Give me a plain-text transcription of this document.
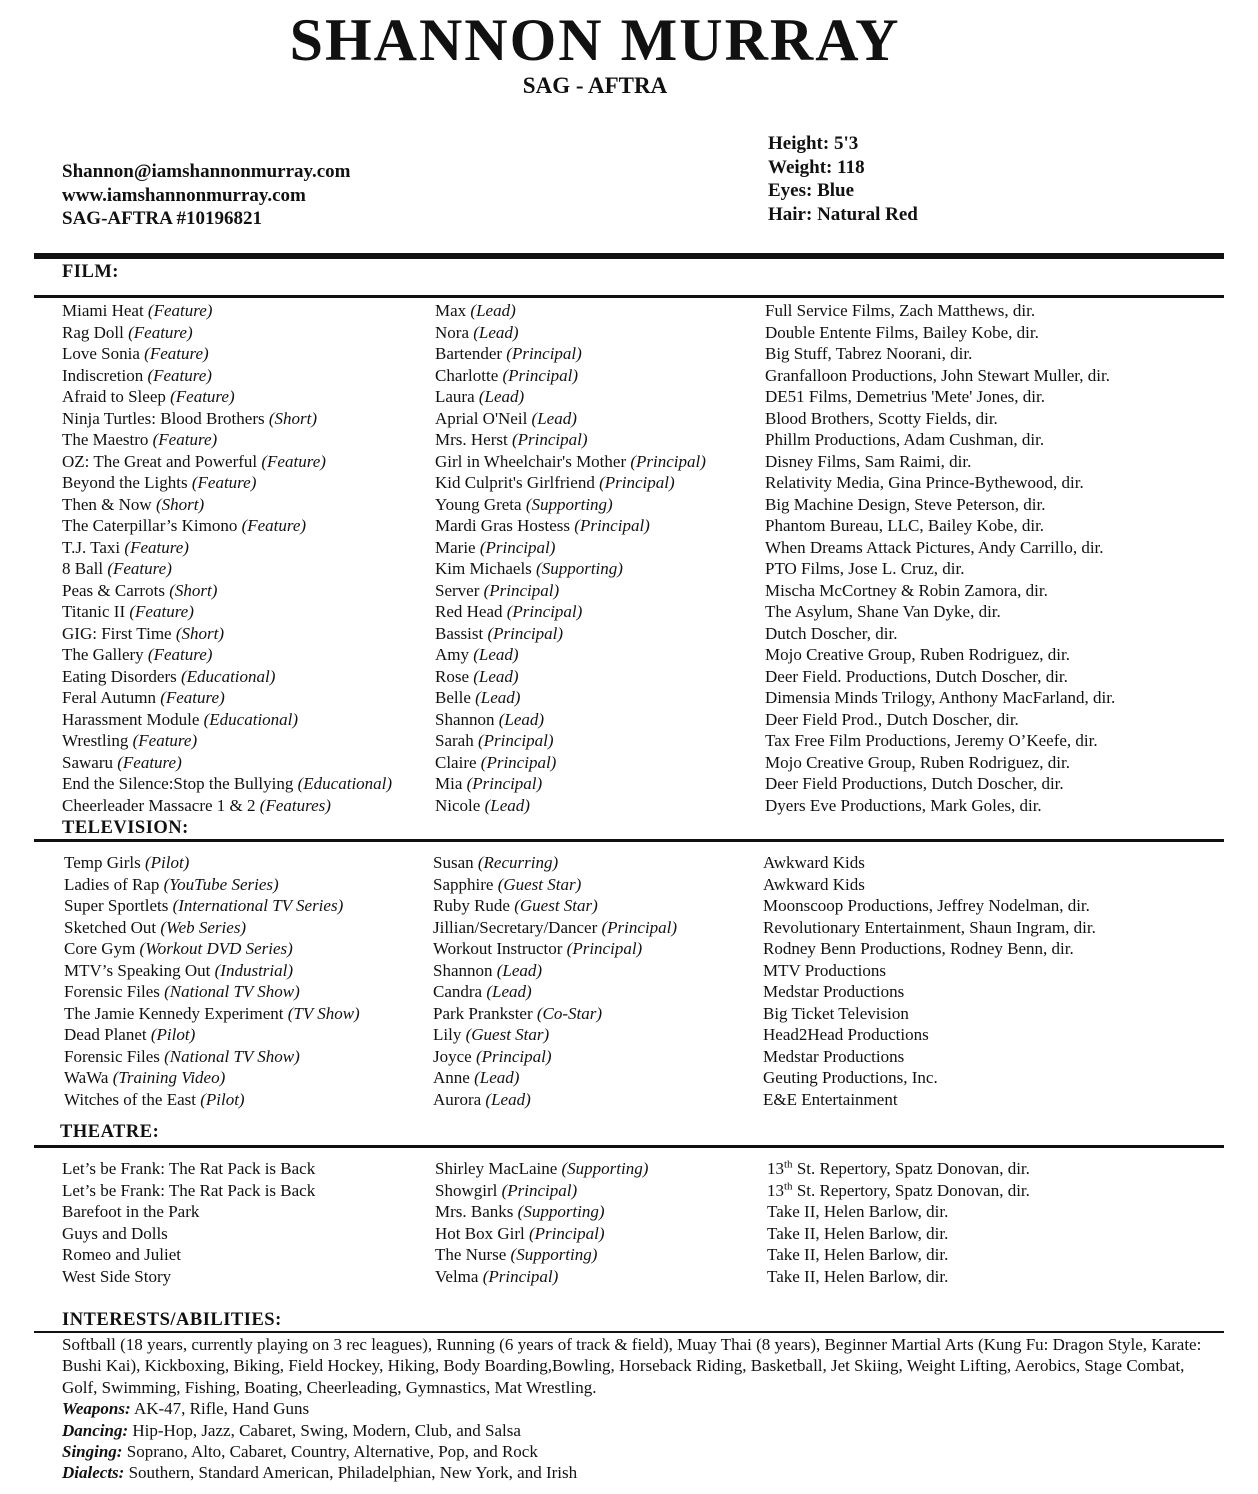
SHANNON MURRAY
SAG - AFTRA
Shannon@iamshannonmurray.com
www.iamshannonmurray.com
SAG-AFTRA #10196821
Height: 5'3
Weight: 118
Eyes: Blue
Hair: Natural Red
FILM:
Miami Heat (Feature)	Max (Lead)	Full Service Films, Zach Matthews, dir.
Rag Doll (Feature)	Nora (Lead)	Double Entente Films, Bailey Kobe, dir.
Love Sonia (Feature)	Bartender (Principal)	Big Stuff, Tabrez Noorani, dir.
Indiscretion (Feature)	Charlotte (Principal)	Granfalloon Productions, John Stewart Muller, dir.
Afraid to Sleep (Feature)	Laura (Lead)	DE51 Films, Demetrius 'Mete' Jones, dir.
Ninja Turtles: Blood Brothers (Short)	Aprial O'Neil (Lead)	Blood Brothers, Scotty Fields, dir.
The Maestro (Feature)	Mrs. Herst (Principal)	Phillm Productions, Adam Cushman, dir.
OZ: The Great and Powerful (Feature)	Girl in Wheelchair's Mother (Principal)	Disney Films, Sam Raimi, dir.
Beyond the Lights (Feature)	Kid Culprit's Girlfriend (Principal)	Relativity Media, Gina Prince-Bythewood, dir.
Then & Now (Short)	Young Greta (Supporting)	Big Machine Design, Steve Peterson, dir.
The Caterpillar’s Kimono (Feature)	Mardi Gras Hostess (Principal)	Phantom Bureau, LLC, Bailey Kobe, dir.
T.J. Taxi (Feature)	Marie (Principal)	When Dreams Attack Pictures, Andy Carrillo, dir.
8 Ball (Feature)	Kim Michaels (Supporting)	PTO Films, Jose L. Cruz, dir.
Peas & Carrots (Short)	Server (Principal)	Mischa McCortney & Robin Zamora, dir.
Titanic II (Feature)	Red Head (Principal)	The Asylum, Shane Van Dyke, dir.
GIG: First Time (Short)	Bassist (Principal)	Dutch Doscher, dir.
The Gallery (Feature)	Amy (Lead)	Mojo Creative Group, Ruben Rodriguez, dir.
Eating Disorders (Educational)	Rose (Lead)	Deer Field. Productions, Dutch Doscher, dir.
Feral Autumn (Feature)	Belle (Lead)	Dimensia Minds Trilogy, Anthony MacFarland, dir.
Harassment Module (Educational)	Shannon (Lead)	Deer Field Prod., Dutch Doscher, dir.
Wrestling (Feature)	Sarah (Principal)	Tax Free Film Productions, Jeremy O’Keefe, dir.
Sawaru (Feature)	Claire (Principal)	Mojo Creative Group, Ruben Rodriguez, dir.
End the Silence:Stop the Bullying (Educational)	Mia (Principal)	Deer Field Productions, Dutch Doscher, dir.
Cheerleader Massacre 1 & 2 (Features)	Nicole (Lead)	Dyers Eve Productions, Mark Goles, dir.
TELEVISION:
Temp Girls (Pilot)	Susan (Recurring)	Awkward Kids
Ladies of Rap (YouTube Series)	Sapphire (Guest Star)	Awkward Kids
Super Sportlets (International TV Series)	Ruby Rude (Guest Star)	Moonscoop Productions, Jeffrey Nodelman, dir.
Sketched Out (Web Series)	Jillian/Secretary/Dancer (Principal)	Revolutionary Entertainment, Shaun Ingram, dir.
Core Gym (Workout DVD Series)	Workout Instructor (Principal)	Rodney Benn Productions, Rodney Benn, dir.
MTV’s Speaking Out (Industrial)	Shannon (Lead)	MTV Productions
Forensic Files (National TV Show)	Candra (Lead)	Medstar Productions
The Jamie Kennedy Experiment (TV Show)	Park Prankster (Co-Star)	Big Ticket Television
Dead Planet (Pilot)	Lily (Guest Star)	Head2Head Productions
Forensic Files (National TV Show)	Joyce (Principal)	Medstar Productions
WaWa (Training Video)	Anne (Lead)	Geuting Productions, Inc.
Witches of the East (Pilot)	Aurora (Lead)	E&E Entertainment
THEATRE:
Let’s be Frank: The Rat Pack is Back	Shirley MacLaine (Supporting)	13th St. Repertory, Spatz Donovan, dir.
Let’s be Frank: The Rat Pack is Back	Showgirl (Principal)	13th St. Repertory, Spatz Donovan, dir.
Barefoot in the Park	Mrs. Banks (Supporting)	Take II, Helen Barlow, dir.
Guys and Dolls	Hot Box Girl (Principal)	Take II, Helen Barlow, dir.
Romeo and Juliet	The Nurse (Supporting)	Take II, Helen Barlow, dir.
West Side Story	Velma (Principal)	Take II, Helen Barlow, dir.
INTERESTS/ABILITIES:

Softball (18 years, currently playing on 3 rec leagues), Running (6 years of track & field), Muay Thai (8 years), Beginner Martial Arts (Kung Fu: Dragon Style, Karate: Bushi Kai), Kickboxing, Biking, Field Hockey, Hiking, Body Boarding,Bowling, Horseback Riding, Basketball, Jet Skiing, Weight Lifting, Aerobics, Stage Combat, Golf, Swimming, Fishing, Boating, Cheerleading, Gymnastics, Mat Wrestling.

Weapons: AK-47, Rifle, Hand Guns

Dancing: Hip-Hop, Jazz, Cabaret, Swing, Modern, Club, and Salsa

Singing: Soprano, Alto, Cabaret, Country, Alternative, Pop, and Rock

Dialects: Southern, Standard American, Philadelphian, New York, and Irish
